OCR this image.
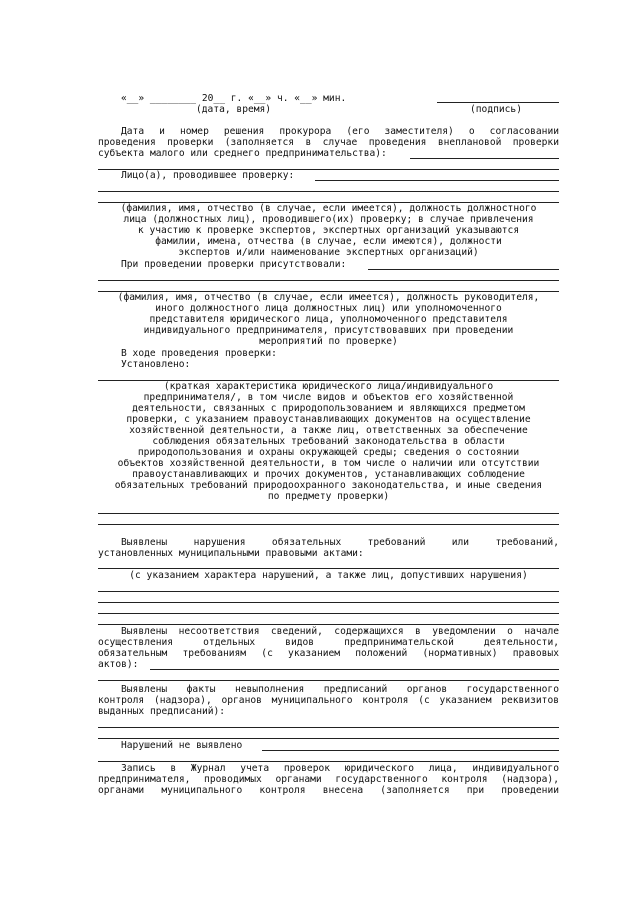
«__» ________ 20__ г. «__» ч. «__» мин.
(дата, время)	(подпись)
Дата и номер решения прокурора (его заместителя) о согласовании
проведения проверки (заполняется в случае проведения внеплановой проверки
субъекта малого или среднего предпринимательства):
Лицо(а), проводившее проверку:
(фамилия, имя, отчество (в случае, если имеется), должность должностного
лица (должностных лиц), проводившего(их) проверку; в случае привлечения
к участию к проверке экспертов, экспертных организаций указываются
фамилии, имена, отчества (в случае, если имеются), должности
экспертов и/или наименование экспертных организаций)
При проведении проверки присутствовали:
(фамилия, имя, отчество (в случае, если имеется), должность руководителя,
иного должностного лица должностных лиц) или уполномоченного
представителя юридического лица, уполномоченного представителя
индивидуального предпринимателя, присутствовавших при проведении
мероприятий по проверке)
В ходе проведения проверки:
Установлено:
(краткая характеристика юридического лица/индивидуального
предпринимателя/, в том числе видов и объектов его хозяйственной
деятельности, связанных с природопользованием и являющихся предметом
проверки, с указанием правоустанавливающих документов на осуществление
хозяйственной деятельности, а также лиц, ответственных за обеспечение
соблюдения обязательных требований законодательства в области
природопользования и охраны окружающей среды; сведения о состоянии
объектов хозяйственной деятельности, в том числе о наличии или отсутствии
правоустанавливающих и прочих документов, устанавливающих соблюдение
обязательных требований природоохранного законодательства, и иные сведения
по предмету проверки)
Выявлены нарушения обязательных требований или требований,
установленных муниципальными правовыми актами:
(с указанием характера нарушений, а также лиц, допустивших нарушения)
Выявлены несоответствия сведений, содержащихся в уведомлении о начале
осуществления отдельных видов предпринимательской деятельности,
обязательным требованиям (с указанием положений (нормативных) правовых
актов):
Выявлены факты невыполнения предписаний органов государственного
контроля (надзора), органов муниципального контроля (с указанием реквизитов
выданных предписаний):
Нарушений не выявлено
Запись в Журнал учета проверок юридического лица, индивидуального
предпринимателя, проводимых органами государственного контроля (надзора),
органами муниципального контроля внесена (заполняется при проведении
